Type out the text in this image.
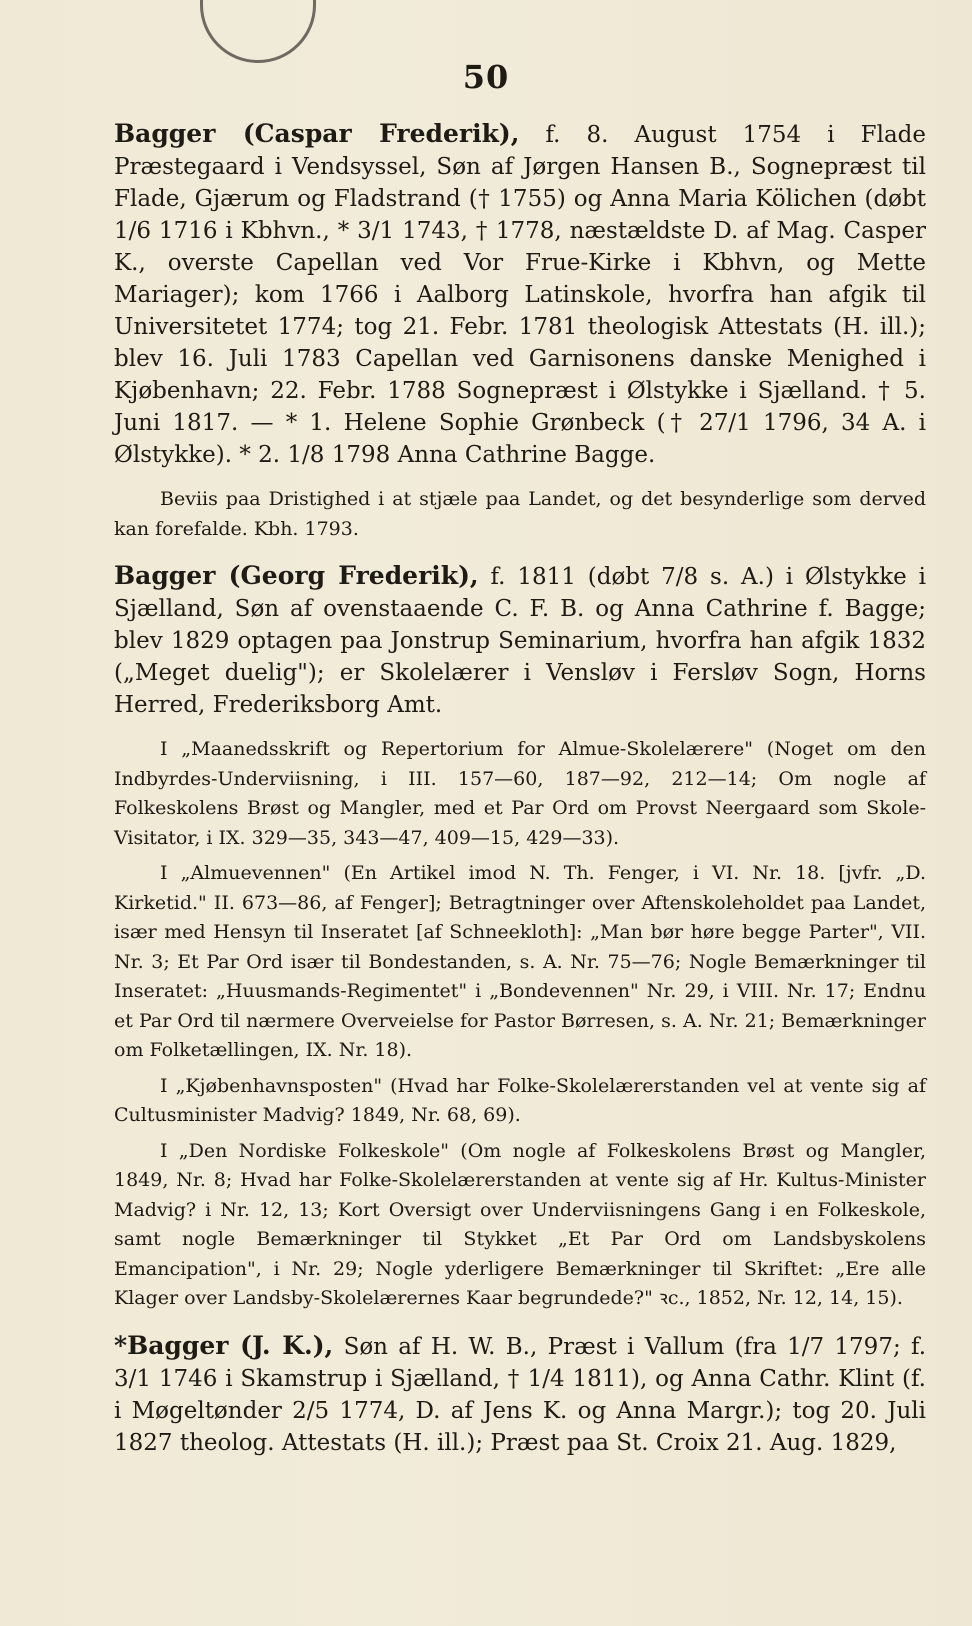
50
Bagger (Caspar Frederik), f. 8. August 1754 i Flade Præstegaard i Vendsyssel, Søn af Jørgen Hansen B., Sognepræst til Flade, Gjærum og Fladstrand († 1755) og Anna Maria Kölichen (døbt 1/6 1716 i Kbhvn., * 3/1 1743, † 1778, næstældste D. af Mag. Casper K., overste Capellan ved Vor Frue-Kirke i Kbhvn, og Mette Mariager); kom 1766 i Aalborg Latinskole, hvorfra han afgik til Universitetet 1774; tog 21. Febr. 1781 theologisk Attestats (H. ill.); blev 16. Juli 1783 Capellan ved Garnisonens danske Menighed i Kjøbenhavn; 22. Febr. 1788 Sognepræst i Ølstykke i Sjælland. † 5. Juni 1817. — * 1. Helene Sophie Grønbeck († 27/1 1796, 34 A. i Ølstykke). * 2. 1/8 1798 Anna Cathrine Bagge.

Beviis paa Dristighed i at stjæle paa Landet, og det besynderlige som derved kan forefalde. Kbh. 1793.

Bagger (Georg Frederik), f. 1811 (døbt 7/8 s. A.) i Ølstykke i Sjælland, Søn af ovenstaaende C. F. B. og Anna Cathrine f. Bagge; blev 1829 optagen paa Jonstrup Seminarium, hvorfra han afgik 1832 („Meget duelig"); er Skolelærer i Vensløv i Fersløv Sogn, Horns Herred, Frederiksborg Amt.

I „Maanedsskrift og Repertorium for Almue-Skolelærere" (Noget om den Indbyrdes-Underviisning, i III. 157—60, 187—92, 212—14; Om nogle af Folkeskolens Brøst og Mangler, med et Par Ord om Provst Neergaard som Skole-Visitator, i IX. 329—35, 343—47, 409—15, 429—33).

I „Almuevennen" (En Artikel imod N. Th. Fenger, i VI. Nr. 18. [jvfr. „D. Kirketid." II. 673—86, af Fenger]; Betragtninger over Aftenskoleholdet paa Landet, især med Hensyn til Inseratet [af Schneekloth]: „Man bør høre begge Parter", VII. Nr. 3; Et Par Ord især til Bondestanden, s. A. Nr. 75—76; Nogle Bemærkninger til Inseratet: „Huusmands-Regimentet" i „Bondevennen" Nr. 29, i VIII. Nr. 17; Endnu et Par Ord til nærmere Overveielse for Pastor Børresen, s. A. Nr. 21; Bemærkninger om Folketællingen, IX. Nr. 18).

I „Kjøbenhavnsposten" (Hvad har Folke-Skolelærerstanden vel at vente sig af Cultusminister Madvig? 1849, Nr. 68, 69).

I „Den Nordiske Folkeskole" (Om nogle af Folkeskolens Brøst og Mangler, 1849, Nr. 8; Hvad har Folke-Skolelærerstanden at vente sig af Hr. Kultus-Minister Madvig? i Nr. 12, 13; Kort Oversigt over Underviisningens Gang i en Folkeskole, samt nogle Bemærkninger til Stykket „Et Par Ord om Landsbyskolens Emancipation", i Nr. 29; Nogle yderligere Bemærkninger til Skriftet: „Ere alle Klager over Landsby-Skolelærernes Kaar begrundede?" ꝛc., 1852, Nr. 12, 14, 15).

*Bagger (J. K.), Søn af H. W. B., Præst i Vallum (fra 1/7 1797; f. 3/1 1746 i Skamstrup i Sjælland, † 1/4 1811), og Anna Cathr. Klint (f. i Møgeltønder 2/5 1774, D. af Jens K. og Anna Margr.); tog 20. Juli 1827 theolog. Attestats (H. ill.); Præst paa St. Croix 21. Aug. 1829,
